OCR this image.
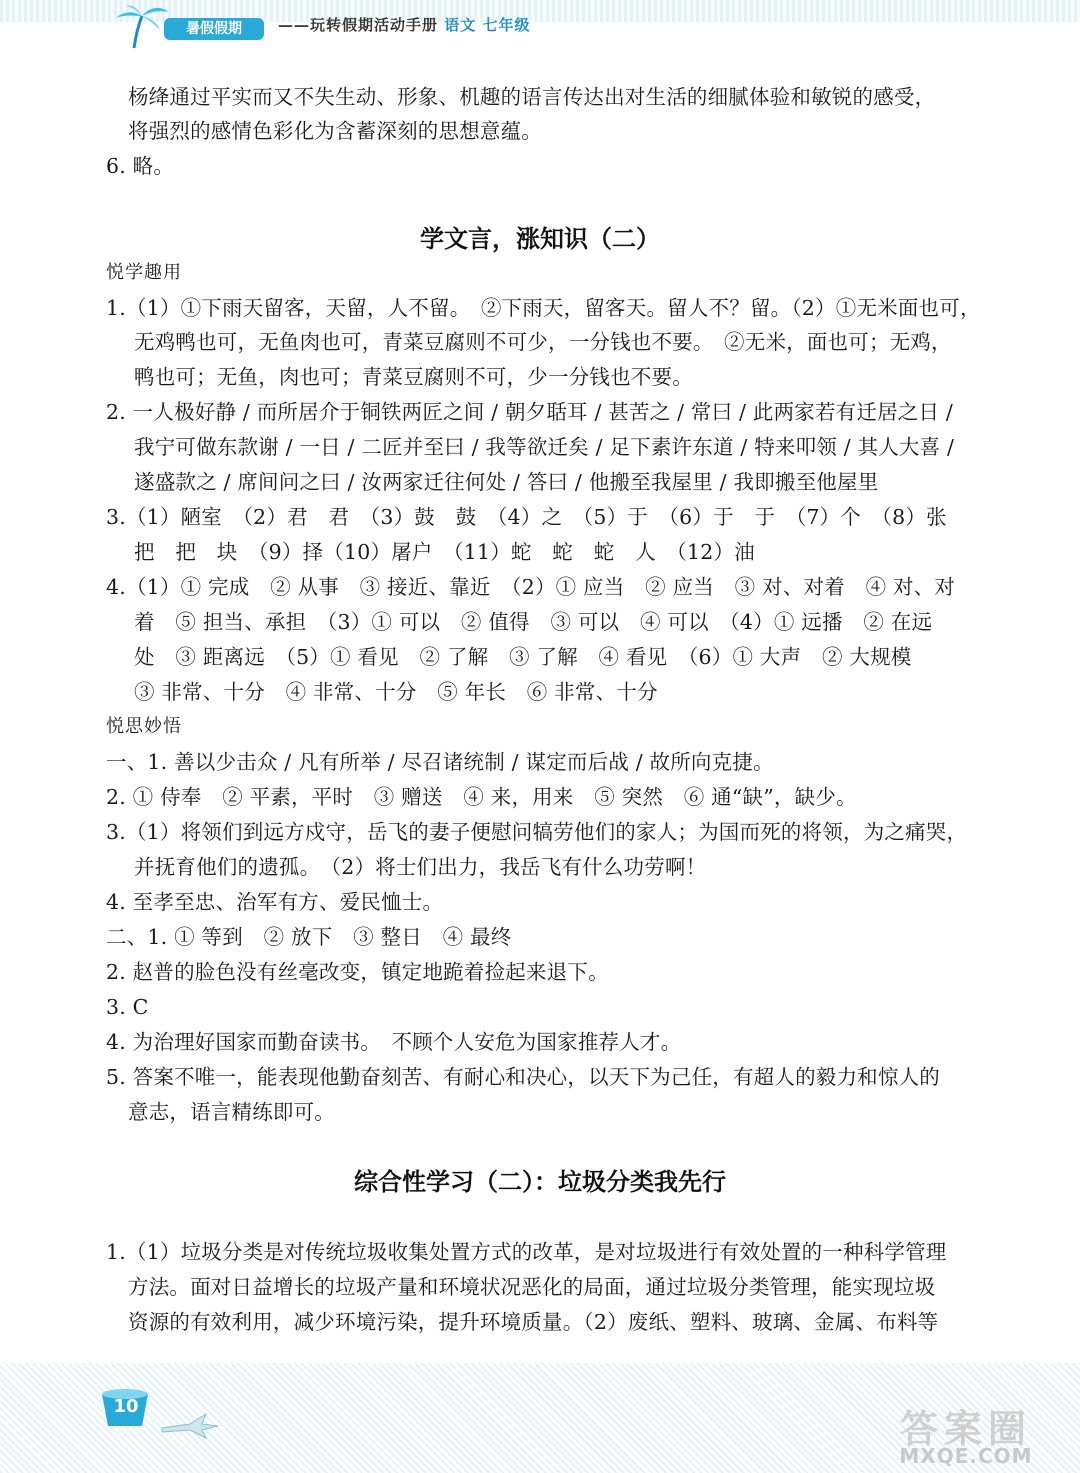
暑假假期	——玩转假期活动手册 语文 七年级
杨绛通过平实而又不失生动、形象、机趣的语言传达出对生活的细腻体验和敏锐的感受，
将强烈的感情色彩化为含蓄深刻的思想意蕴。
6. 略。
学文言，涨知识（二）
悦学趣用
1.（1）①下雨天留客，天留，人不留。　②下雨天，留客天。留人不？留。（2）①无米面也可，
无鸡鸭也可，无鱼肉也可，青菜豆腐则不可少，一分钱也不要。　②无米，面也可；无鸡，
鸭也可；无鱼，肉也可；青菜豆腐则不可，少一分钱也不要。
2. 一人极好静 / 而所居介于铜铁两匠之间 / 朝夕聒耳 / 甚苦之 / 常曰 / 此两家若有迁居之日 /
我宁可做东款谢 / 一日 / 二匠并至曰 / 我等欲迁矣 / 足下素许东道 / 特来叩领 / 其人大喜 /
遂盛款之 / 席间问之曰 / 汝两家迁往何处 / 答曰 / 他搬至我屋里 / 我即搬至他屋里
3.（1）陋室　（2）君　君　（3）鼓　鼓　（4）之　（5）于　（6）于　于　（7）个　（8）张
把　把　块　（9）择（10）屠户　（11）蛇　蛇　蛇　人　（12）油
4.（1）① 完成　② 从事　③ 接近、靠近　（2）① 应当　② 应当　③ 对、对着　④ 对、对
着　⑤ 担当、承担　（3）① 可以　② 值得　③ 可以　④ 可以　（4）① 远播　② 在远
处　③ 距离远　（5）① 看见　② 了解　③ 了解　④ 看见　（6）① 大声　② 大规模
③ 非常、十分　④ 非常、十分　⑤ 年长　⑥ 非常、十分
悦思妙悟
一、1. 善以少击众 / 凡有所举 / 尽召诸统制 / 谋定而后战 / 故所向克捷。
2. ① 侍奉　② 平素，平时　③ 赠送　④ 来，用来　⑤ 突然　⑥ 通“缺”，缺少。
3.（1）将领们到远方戍守，岳飞的妻子便慰问犒劳他们的家人；为国而死的将领，为之痛哭，
并抚育他们的遗孤。　（2）将士们出力，我岳飞有什么功劳啊！
4. 至孝至忠、治军有方、爱民恤士。
二、1. ① 等到　② 放下　③ 整日　④ 最终
2. 赵普的脸色没有丝毫改变，镇定地跪着捡起来退下。
3. C
4. 为治理好国家而勤奋读书。　不顾个人安危为国家推荐人才。
5. 答案不唯一，能表现他勤奋刻苦、有耐心和决心，以天下为己任，有超人的毅力和惊人的
意志，语言精练即可。
综合性学习（二）：垃圾分类我先行
1.（1）垃圾分类是对传统垃圾收集处置方式的改革，是对垃圾进行有效处置的一种科学管理
方法。面对日益增长的垃圾产量和环境状况恶化的局面，通过垃圾分类管理，能实现垃圾
资源的有效利用，减少环境污染，提升环境质量。（2）废纸、塑料、玻璃、金属、布料等
10
答案圈
MXQE.COM
